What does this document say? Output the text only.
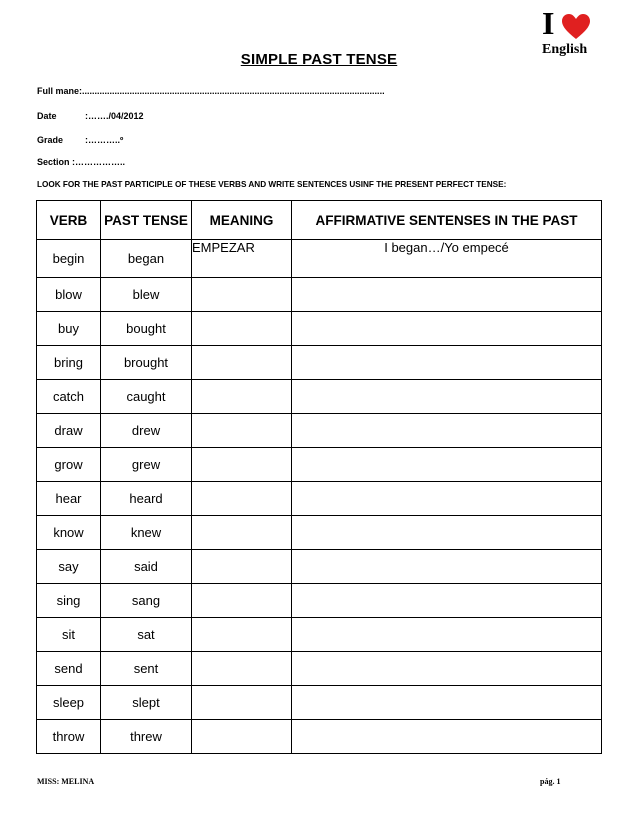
I
English
SIMPLE PAST TENSE
Full mane:.........................................................................................................................
Date	:……./04/2012
Grade :………..º
Section :……………..
LOOK FOR THE PAST PARTICIPLE OF THESE VERBS AND WRITE SENTENCES USINF THE PRESENT PERFECT TENSE:
VERB	PAST TENSE	MEANING	AFFIRMATIVE SENTENSES IN THE PAST
begin	began	EMPEZAR	I began…/Yo empecé
blow	blew		
buy	bought		
bring	brought		
catch	caught		
draw	drew		
grow	grew		
hear	heard		
know	knew		
say	said		
sing	sang		
sit	sat		
send	sent		
sleep	slept		
throw	threw		
MISS: MELINA	pág. 1
